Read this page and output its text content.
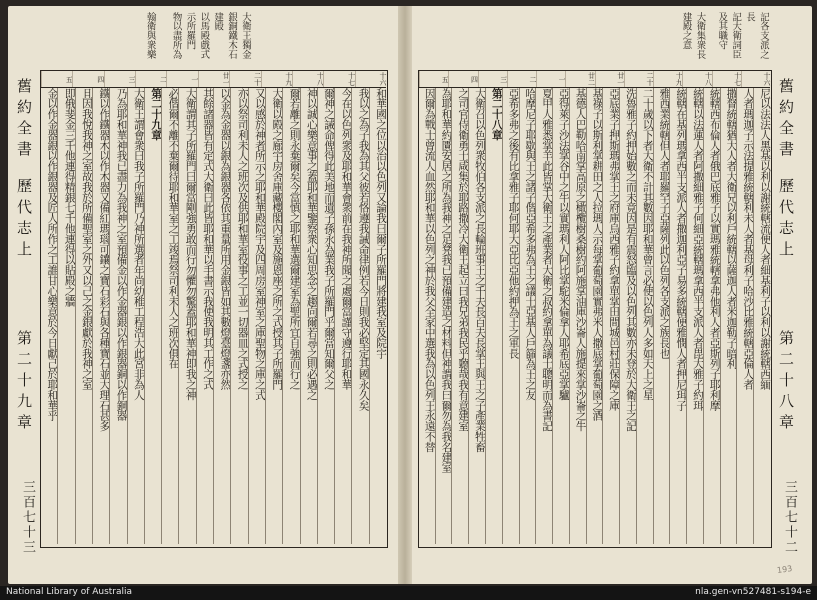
大衛王獨金
銀銅鐵木石
建殿
以馬殿戲式
示所羅門
物以盡所為
翰衛與衆樂
舊約全書
歷代志上
第二十九章
三百七十三
十六
十七
十八
十九
二十
廿一
一
二
三
四
五
和華國之位以治以色列又論我曰爾子所羅門將建我室及院宇
我以之為子我為其父彼若恪遵我誡命律例若今日則我必堅定其國永久矣
今在以色列衆及耶和華會衆前在我神所聞之處爾當謹守遵行耶和華
爾神之誡命俾得此美地而遺子孫永為業我子所羅門乎爾當知爾父之
神以誠心樂意事之蓋耶和華鑒察衆心知思念之趨向爾若尋之則必遇之
爾若離之則永棄爾矣今當慎之耶和華選爾建室為聖所宜自強而行之
大衛以殿之廊宇房舍庫藏樓閣內室及施恩座之所之式授其子所羅門
又以感於神者所示之耶和華殿院宇及四周房室神室之庫聖物之庫之式
亦以祭司利未人之班次及供耶和華室役事之工並一切器皿之式授之
以金為金器以銀為銀器各依其重量所用金銀皆如其數燈臺燈盞亦然
其餘諸器皆有定式大衛曰此皆耶和華以手書示我使我明其工作之式
大衛謂其子所羅門曰爾當剛強勇敢而行勿懼勿驚蓋耶和華神即我之神
必偕爾不離不棄爾待耶和華室之工竣焉祭司利未人之班次俱在
第二十九章
大衛王謂會衆曰我子所羅門乃神所選者年尚幼稚工程浩大此宮非為人
乃為耶和華神我已盡力為我神之室預備金以作金器銀以作銀器銅以作銅器
鐵以作鐵器木以作木器又備紅瑪瑙可鑲之寶石彩石與各種寶石並大理石甚多
且因我悅我神之室故我於所備聖室之外又以己之金銀獻於我神之室
即俄斐金三千他連得精銀七千他連得以貼殿之牆
金以作金器銀以作銀器及匠人所作之工誰甘心樂意於今日獻己於耶和華乎
記各支派之
長
記大衛詞臣
及其職守
大衛集衆長
建殿之意
舊約全書
歷代志上
第二十八章
三百七十二
十六
十七
十八
十九
二十
廿一
廿二
一
二
三
四
五
尼以法法人黑基以利以謝統轄流便人者細基利子以利以謝統轄西緬
人者瑪迦子示法提雅統轄利未人者基母利子哈沙比雅統轄亞倫人者
撒督統轄猶大人者大衛兄以利戶統轄以薩迦人者米迦勒子暗利
統轄西布倫人者俄巴底雅子以實瑪雅統轄拿弗他利人者亞斯列子耶利摩
統轄以法蓮人者阿撒細雅子何細亞統轄瑪拿西半支派人者毘大雅子約珥
統轄在基列瑪拿西半支派人者撒迦利亞子易多統轄便雅憫人者押尼珥子
雅西業統轄但人者耶羅罕子亞薩列此以色列各支派之族長也
二十歲以下者大衛不計其數因耶和華曾言必使以色列人多如天上之星
洗魯雅子約押始數之而未竟因是有震怒臨及以色列其數亦未登於大衛王之記
亞底業子押斯瑪弗掌王之府庫烏西雅子約拿單掌田間城邑村莊保障之庫
基祿子以斯利掌耕田之人拉瑪人示每掌葡萄園實弗米人撒底掌葡萄園之酒
基德人巴勒哈南掌高原之橄欖樹桑樹約阿施掌油庫沙崙人施提來掌沙崙之牛
亞得萊子沙法掌谷中之牛以實瑪利人阿比掌駝米倫拿人耶希底亞掌驢
夏甲人雅悉掌羊此皆掌大衛王之產業者大衛之叔約拿單為議士聰明而為書記
哈摩尼子耶歇與王之諸子偕亞希多弗為王之議士亞基人戶篩為王之友
亞希多弗之後有比拿雅子耶何耶大亞比亞他約押為王之軍長
第二十八章
大衛召以色列衆牧伯各支派之長輪班事王之千夫長百夫長掌王與王之子產業牲畜
之司官侍衛勇士咸集於耶路撒冷大衛王起立曰我兄弟我民乎聽哉我有意建室
為耶和華約匱安居之所為我神之足凳我已預備建造之材料但神謂我曰爾勿為我名建室
因爾為戰士曾流人血然耶和華以色列之神於我父全家中選我為以色列王永遠不替
193
National Library of Australia	nla.gen-vn527481-s194-e
